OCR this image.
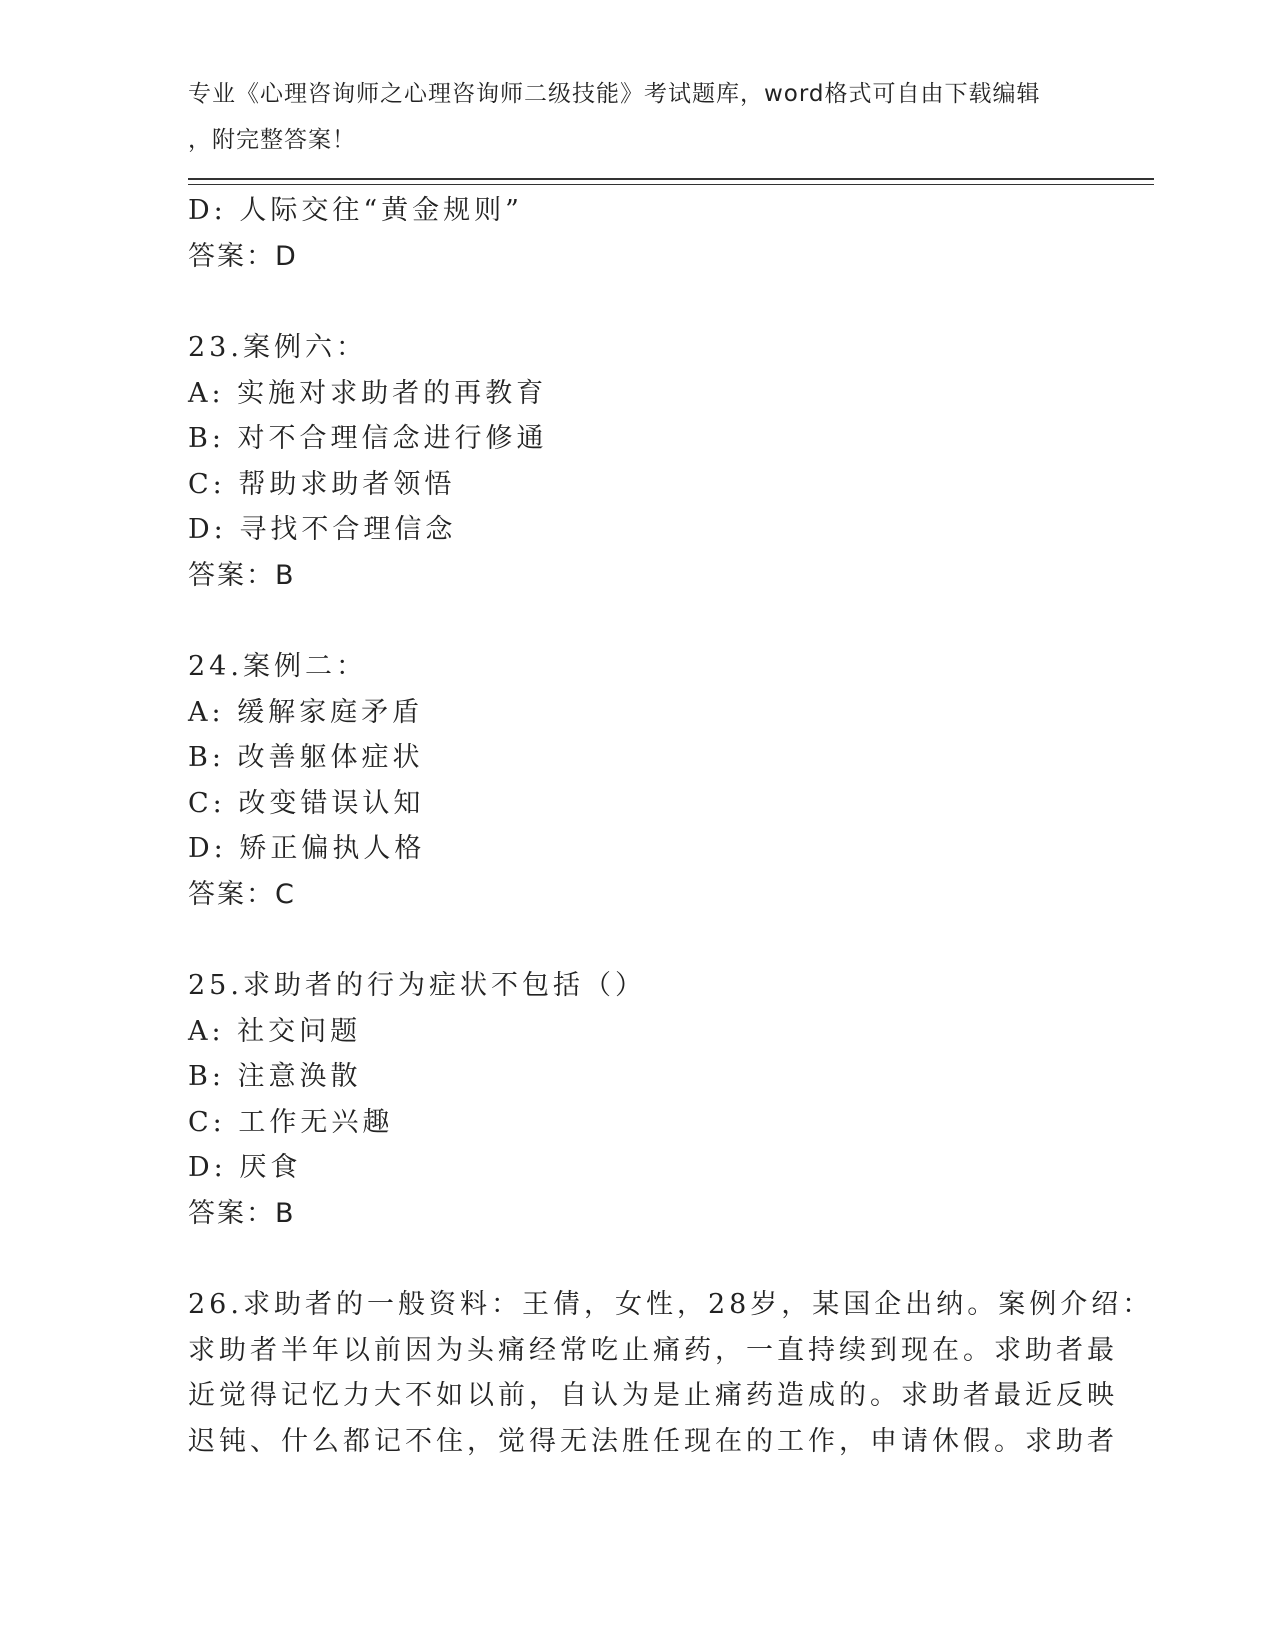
专业《心理咨询师之心理咨询师二级技能》考试题库，word格式可自由下载编辑
，附完整答案！
D: 人际交往“黄金规则”
答案：D
23.案例六：
A: 实施对求助者的再教育
B: 对不合理信念进行修通
C: 帮助求助者领悟
D: 寻找不合理信念
答案：B
24.案例二：
A: 缓解家庭矛盾
B: 改善躯体症状
C: 改变错误认知
D: 矫正偏执人格
答案：C
25.求助者的行为症状不包括（）
A: 社交问题
B: 注意涣散
C: 工作无兴趣
D: 厌食
答案：B
26.求助者的一般资料：王倩，女性，28岁，某国企出纳。案例介绍：
求助者半年以前因为头痛经常吃止痛药，一直持续到现在。求助者最
近觉得记忆力大不如以前，自认为是止痛药造成的。求助者最近反映
迟钝、什么都记不住，觉得无法胜任现在的工作，申请休假。求助者
